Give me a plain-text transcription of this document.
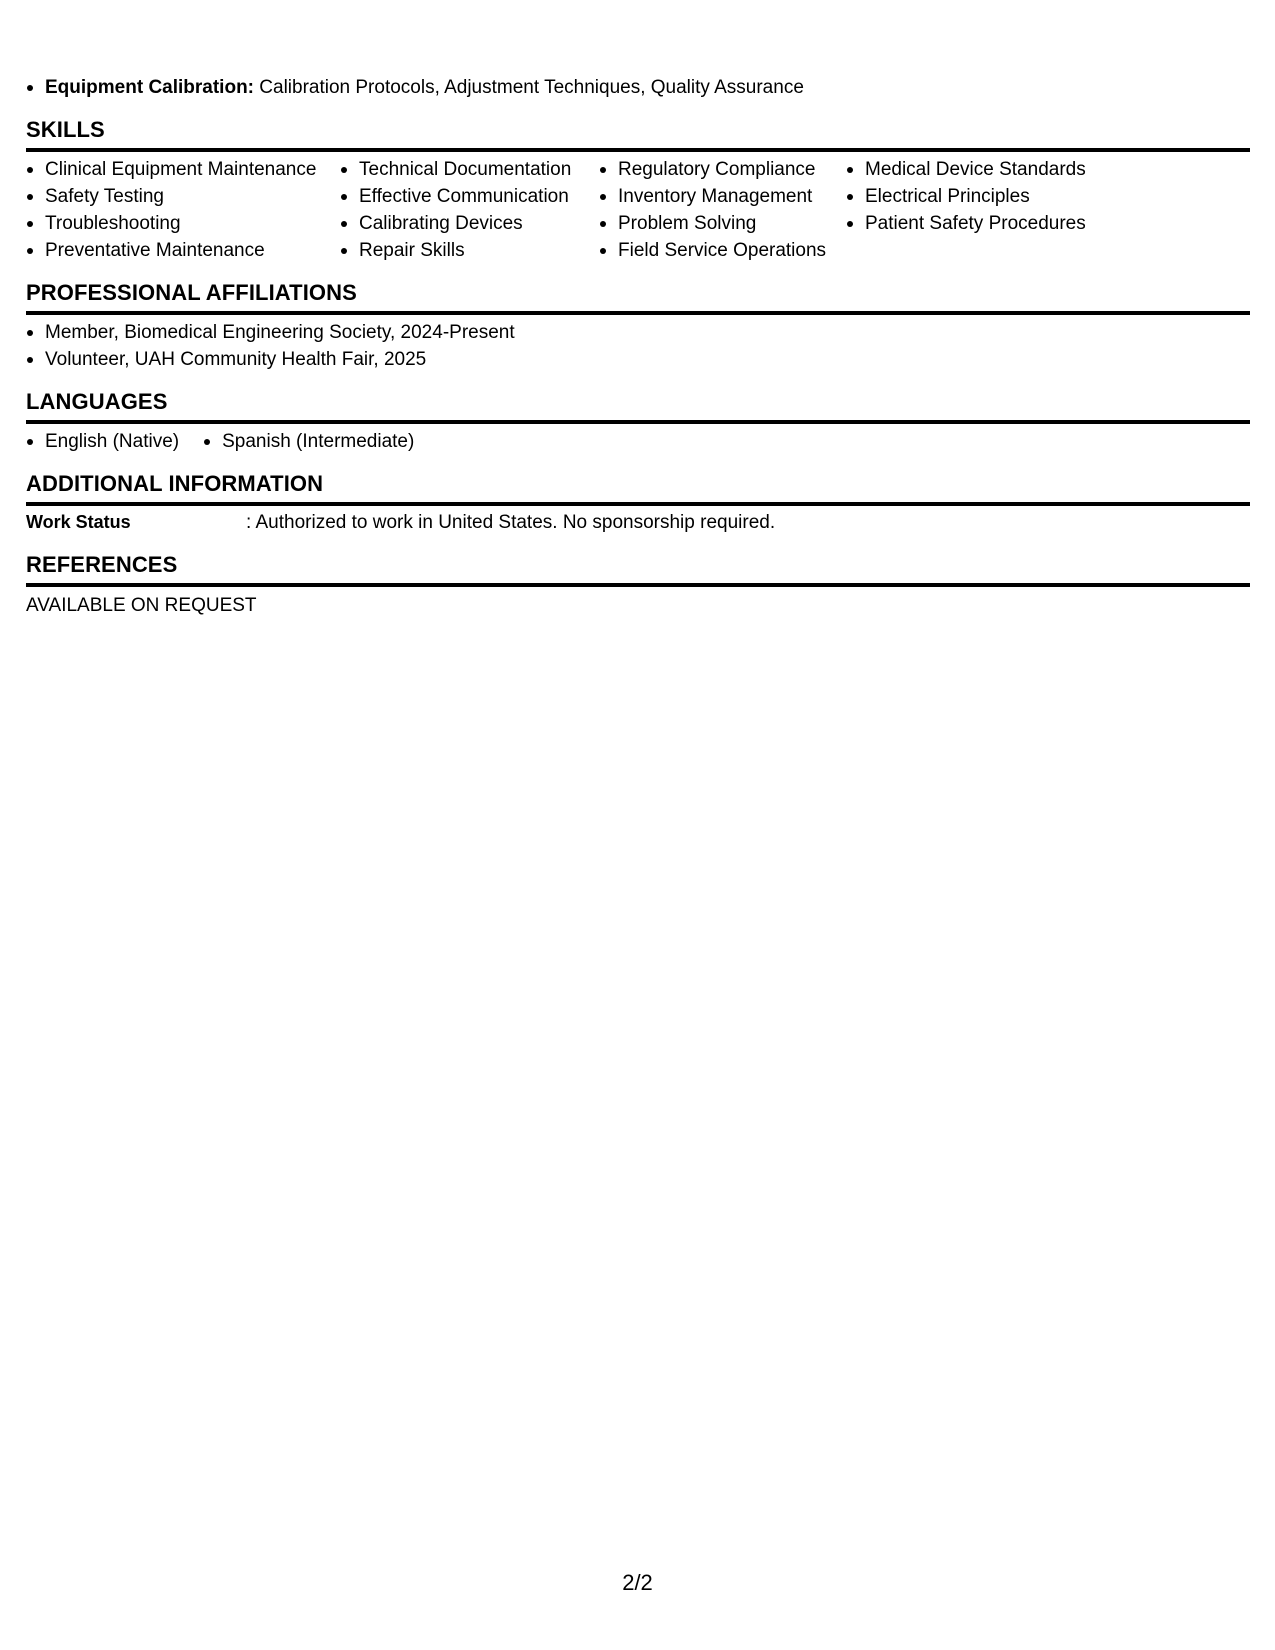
Equipment Calibration: Calibration Protocols, Adjustment Techniques, Quality Assurance
SKILLS
Clinical Equipment Maintenance
Safety Testing
Troubleshooting
Preventative Maintenance
Technical Documentation
Effective Communication
Calibrating Devices
Repair Skills
Regulatory Compliance
Inventory Management
Problem Solving
Field Service Operations
Medical Device Standards
Electrical Principles
Patient Safety Procedures
PROFESSIONAL AFFILIATIONS
Member, Biomedical Engineering Society, 2024-Present
Volunteer, UAH Community Health Fair, 2025
LANGUAGES
English (Native)	Spanish (Intermediate)
ADDITIONAL INFORMATION
Work Status	: Authorized to work in United States. No sponsorship required.
REFERENCES
AVAILABLE ON REQUEST
2/2
